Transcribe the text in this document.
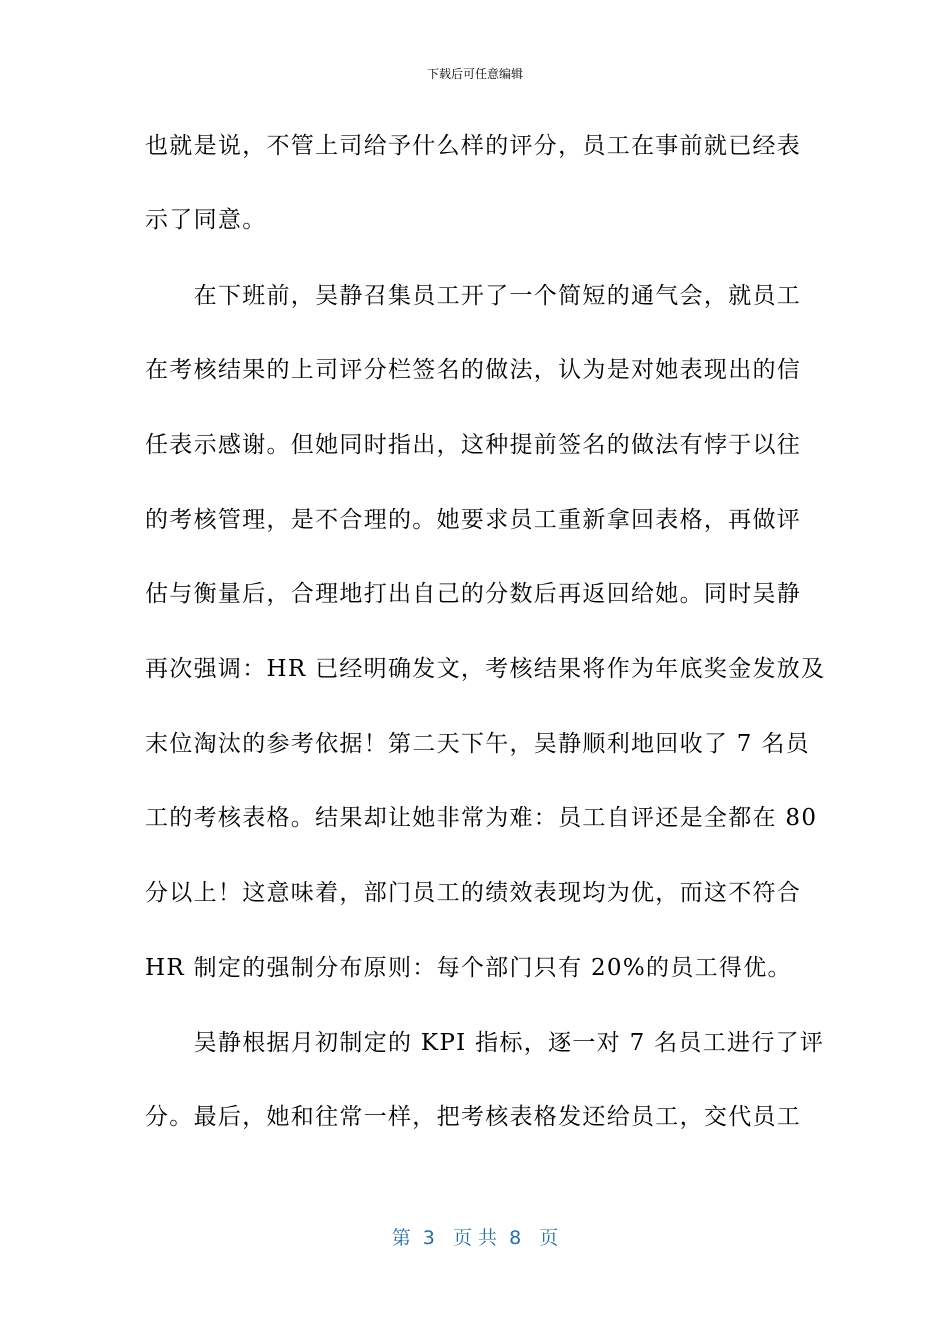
下载后可任意编辑
也就是说，不管上司给予什么样的评分，员工在事前就已经表
示了同意。
　　在下班前，吴静召集员工开了一个简短的通气会，就员工
在考核结果的上司评分栏签名的做法，认为是对她表现出的信
任表示感谢。但她同时指出，这种提前签名的做法有悖于以往
的考核管理，是不合理的。她要求员工重新拿回表格，再做评
估与衡量后，合理地打出自己的分数后再返回给她。同时吴静
再次强调：HR 已经明确发文，考核结果将作为年底奖金发放及
末位淘汰的参考依据！第二天下午，吴静顺利地回收了 7 名员
工的考核表格。结果却让她非常为难：员工自评还是全都在 80
分以上！这意味着，部门员工的绩效表现均为优，而这不符合
HR 制定的强制分布原则：每个部门只有 20%的员工得优。
　　吴静根据月初制定的 KPI 指标，逐一对 7 名员工进行了评
分。最后，她和往常一样，把考核表格发还给员工，交代员工
第  3   页 共  8   页
